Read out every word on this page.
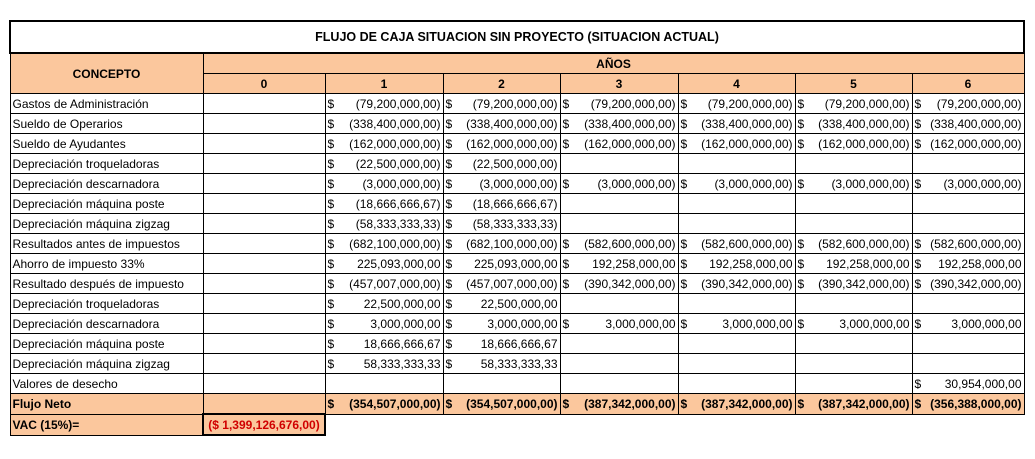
FLUJO DE CAJA SITUACION SIN PROYECTO (SITUACION ACTUAL)							
CONCEPTO	AÑOS						
	0	1	2	3	4	5	6
Gastos de Administración		$ (79,200,000,00)	$ (79,200,000,00)	$ (79,200,000,00)	$ (79,200,000,00)	$ (79,200,000,00)	$ (79,200,000,00)

Sueldo de Operarios		$ (338,400,000,00)	$ (338,400,000,00)	$ (338,400,000,00)	$ (338,400,000,00)	$ (338,400,000,00)	$ (338,400,000,00)

Sueldo de Ayudantes		$ (162,000,000,00)	$ (162,000,000,00)	$ (162,000,000,00)	$ (162,000,000,00)	$ (162,000,000,00)	$ (162,000,000,00)

Depreciación troqueladoras		$ (22,500,000,00)	$ (22,500,000,00)				

Depreciación descarnadora		$ (3,000,000,00)	$ (3,000,000,00)	$ (3,000,000,00)	$ (3,000,000,00)	$ (3,000,000,00)	$ (3,000,000,00)

Depreciación máquina poste		$ (18,666,666,67)	$ (18,666,666,67)				

Depreciación máquina zigzag		$ (58,333,333,33)	$ (58,333,333,33)				

Resultados antes de impuestos		$ (682,100,000,00)	$ (682,100,000,00)	$ (582,600,000,00)	$ (582,600,000,00)	$ (582,600,000,00)	$ (582,600,000,00)

Ahorro de impuesto 33%		$ 225,093,000,00	$ 225,093,000,00	$ 192,258,000,00	$ 192,258,000,00	$ 192,258,000,00	$ 192,258,000,00

Resultado después de impuesto		$ (457,007,000,00)	$ (457,007,000,00)	$ (390,342,000,00)	$ (390,342,000,00)	$ (390,342,000,00)	$ (390,342,000,00)

Depreciación troqueladoras		$ 22,500,000,00	$ 22,500,000,00				

Depreciación descarnadora		$ 3,000,000,00	$ 3,000,000,00	$ 3,000,000,00	$ 3,000,000,00	$ 3,000,000,00	$ 3,000,000,00

Depreciación máquina poste		$ 18,666,666,67	$ 18,666,666,67				

Depreciación máquina zigzag		$ 58,333,333,33	$ 58,333,333,33				

Valores de desecho							$ 30,954,000,00

Flujo Neto		$ (354,507,000,00)	$ (354,507,000,00)	$ (387,342,000,00)	$ (387,342,000,00)	$ (387,342,000,00)	$ (356,388,000,00)

VAC (15%)=	($ 1,399,126,676,00)						
